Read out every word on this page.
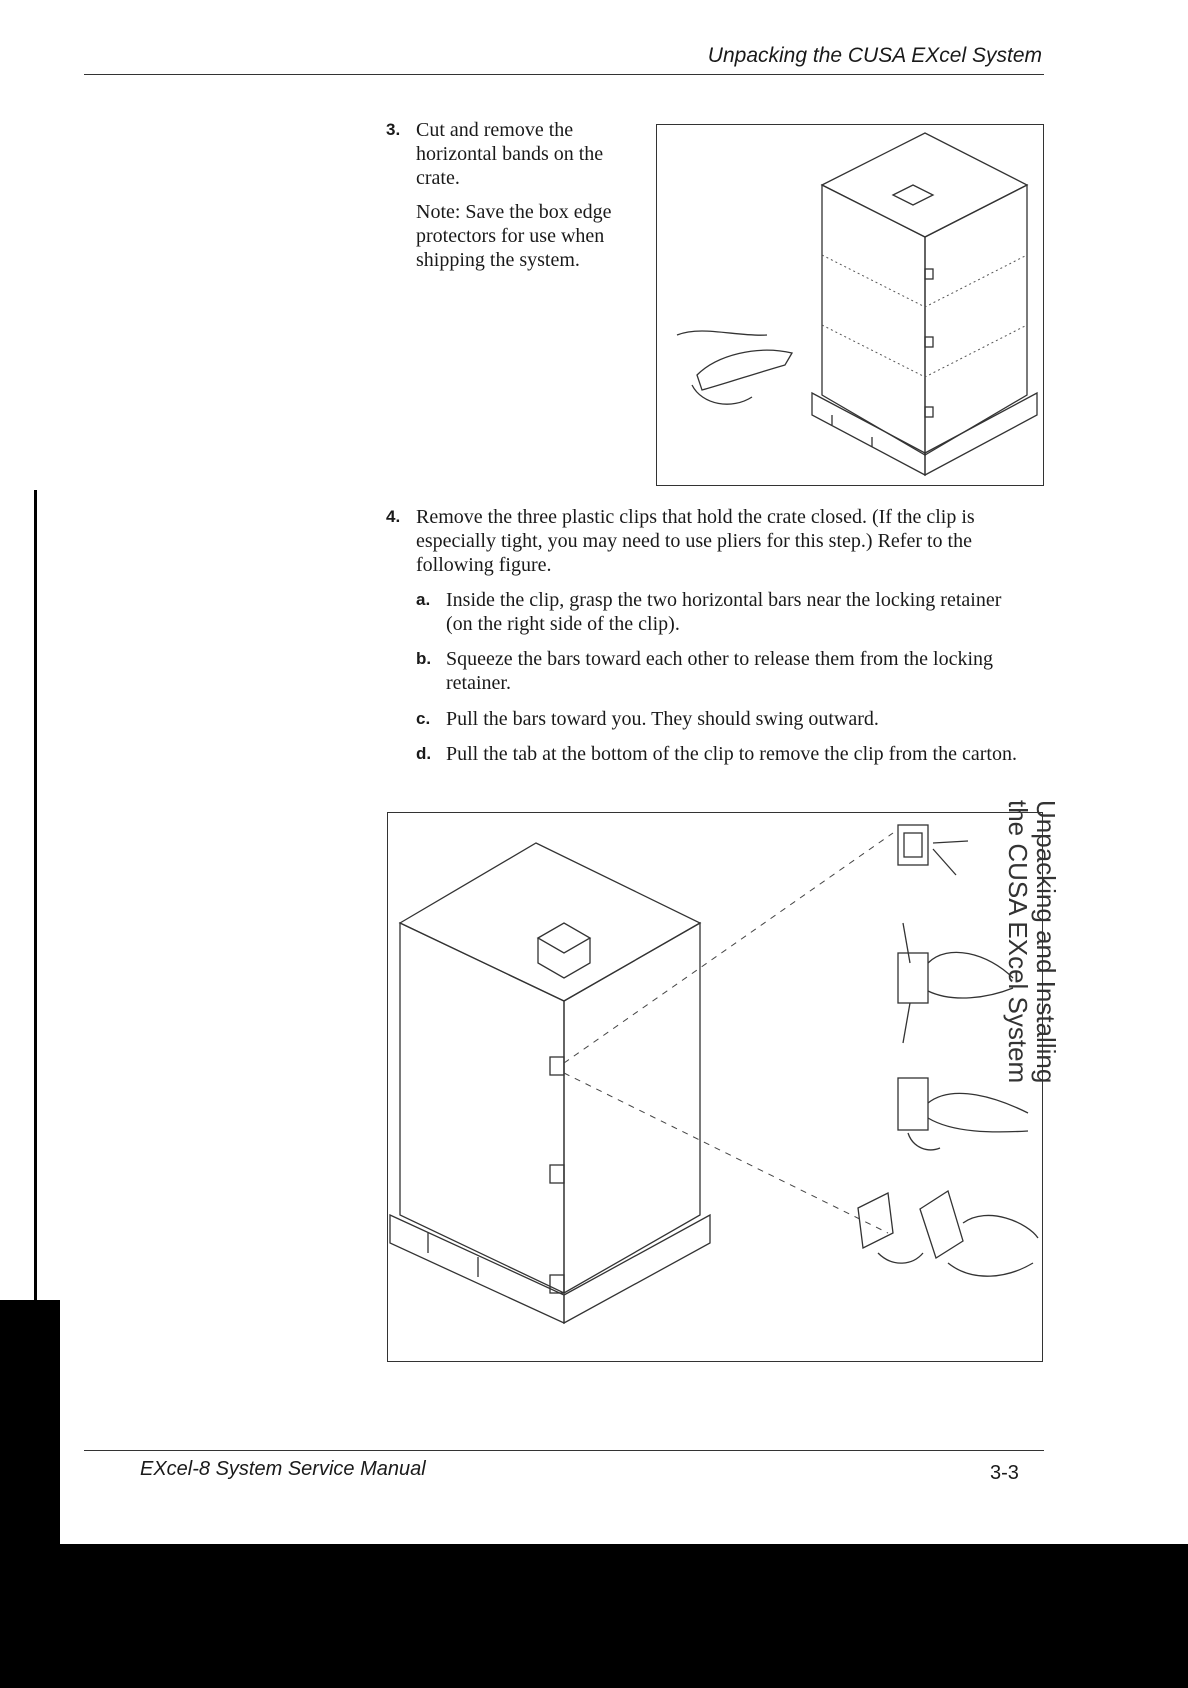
Unpacking the CUSA EXcel System
3. Cut and remove the horizontal bands on the crate.

Note: Save the box edge protectors for use when shipping the system.

4. Remove the three plastic clips that hold the crate closed. (If the clip is especially tight, you may need to use pliers for this step.) Refer to the following figure.

a. Inside the clip, grasp the two horizontal bars near the locking retainer (on the right side of the clip).
b. Squeeze the bars toward each other to release them from the locking retainer.
c. Pull the bars toward you. They should swing outward.
d. Pull the tab at the bottom of the clip to remove the clip from the carton.
Unpacking and Installing
the CUSA EXcel System
EXcel-8 System Service Manual	3-3
